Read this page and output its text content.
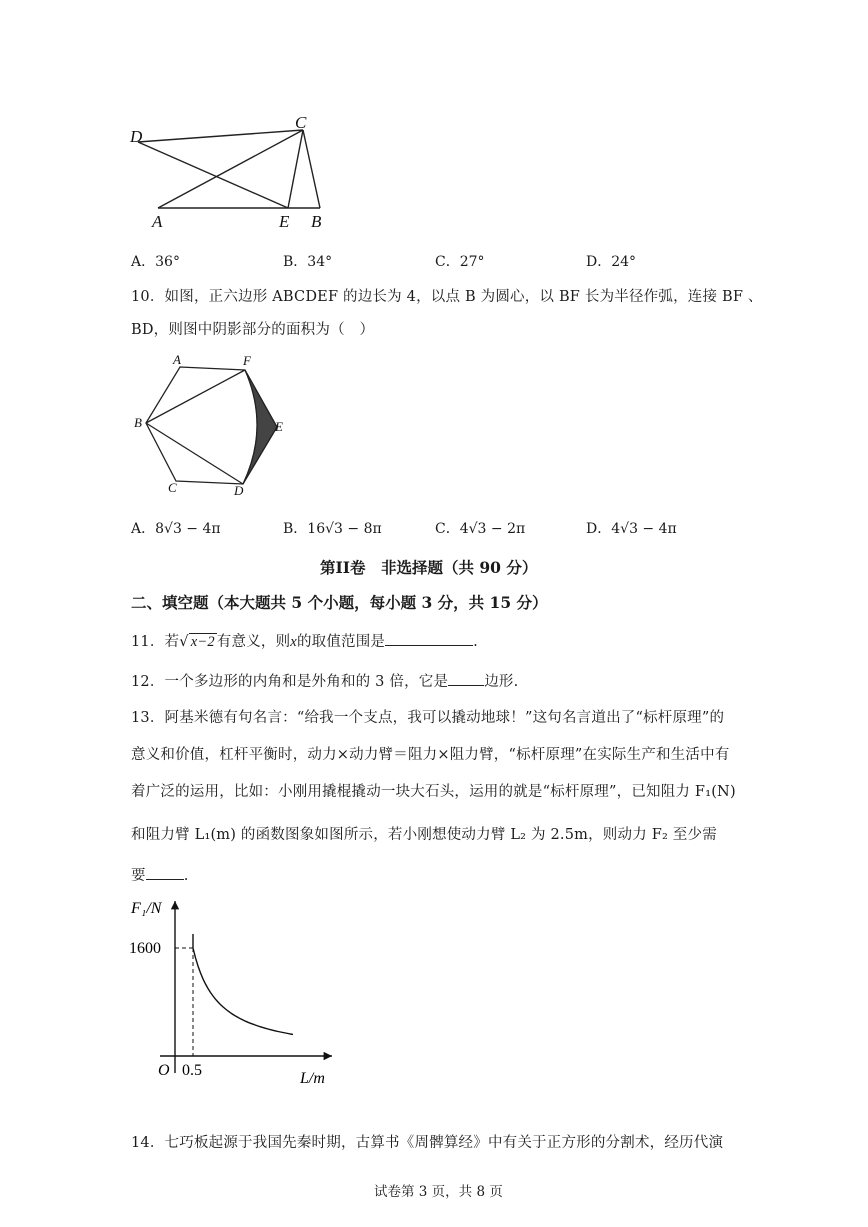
D
C
A	E B
A．36°	B．34°	C．27°	D．24°
10．如图，正六边形 ABCDEF 的边长为 4，以点 B 为圆心，以 BF 长为半径作弧，连接 BF 、
BD，则图中阴影部分的面积为（　）
A	F
B	E
C	D
A．8√3 − 4π	B．16√3 − 8π	C．4√3 − 2π	D．4√3 − 4π
第II卷　非选择题（共 90 分）
二、填空题（本大题共 5 个小题，每小题 3 分，共 15 分）
11．若√ x−2 有意义，则x的取值范围是	.
12．一个多边形的内角和是外角和的 3 倍，它是 边形.
13．阿基米德有句名言：“给我一个支点，我可以撬动地球！”这句名言道出了“标杆原理”的
意义和价值，杠杆平衡时，动力×动力臂＝阻力×阻力臂，“标杆原理”在实际生产和生活中有
着广泛的运用，比如：小刚用撬棍撬动一块大石头，运用的就是“标杆原理”，已知阻力 F₁(N)
和阻力臂 L₁(m) 的函数图象如图所示，若小刚想使动力臂 L₂ 为 2.5m，则动力 F₂ 至少需
要	.
F₁/N
L/m
O
1600
0.5
14．七巧板起源于我国先秦时期，古算书《周髀算经》中有关于正方形的分割术，经历代演
试卷第 3 页，共 8 页
